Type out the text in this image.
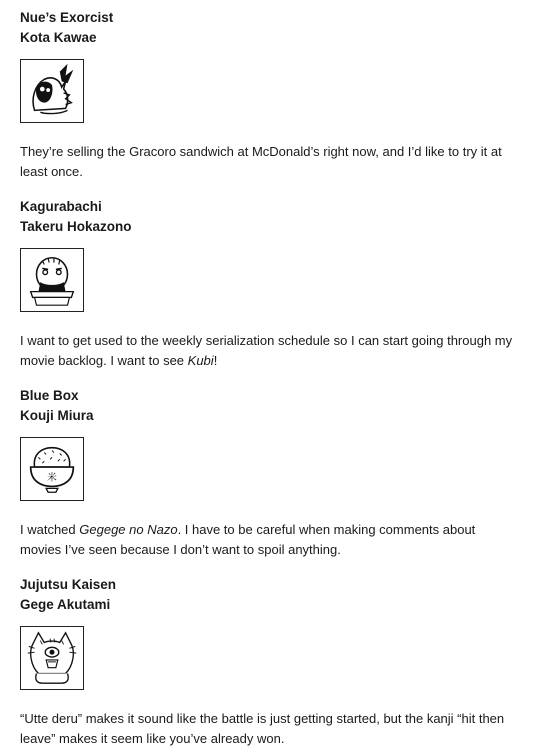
Nue’s Exorcist

Kota Kawae

They’re selling the Gracoro sandwich at McDonald’s right now, and I’d like to try it at least once.

Kagurabachi

Takeru Hokazono

I want to get used to the weekly serialization schedule so I can start going through my movie backlog. I want to see Kubi!

Blue Box

Kouji Miura

米

I watched Gegege no Nazo. I have to be careful when making comments about movies I’ve seen because I don’t want to spoil anything.

Jujutsu Kaisen

Gege Akutami

“Utte deru” makes it sound like the battle is just getting started, but the kanji “hit then leave” makes it seem like you’ve already won.
